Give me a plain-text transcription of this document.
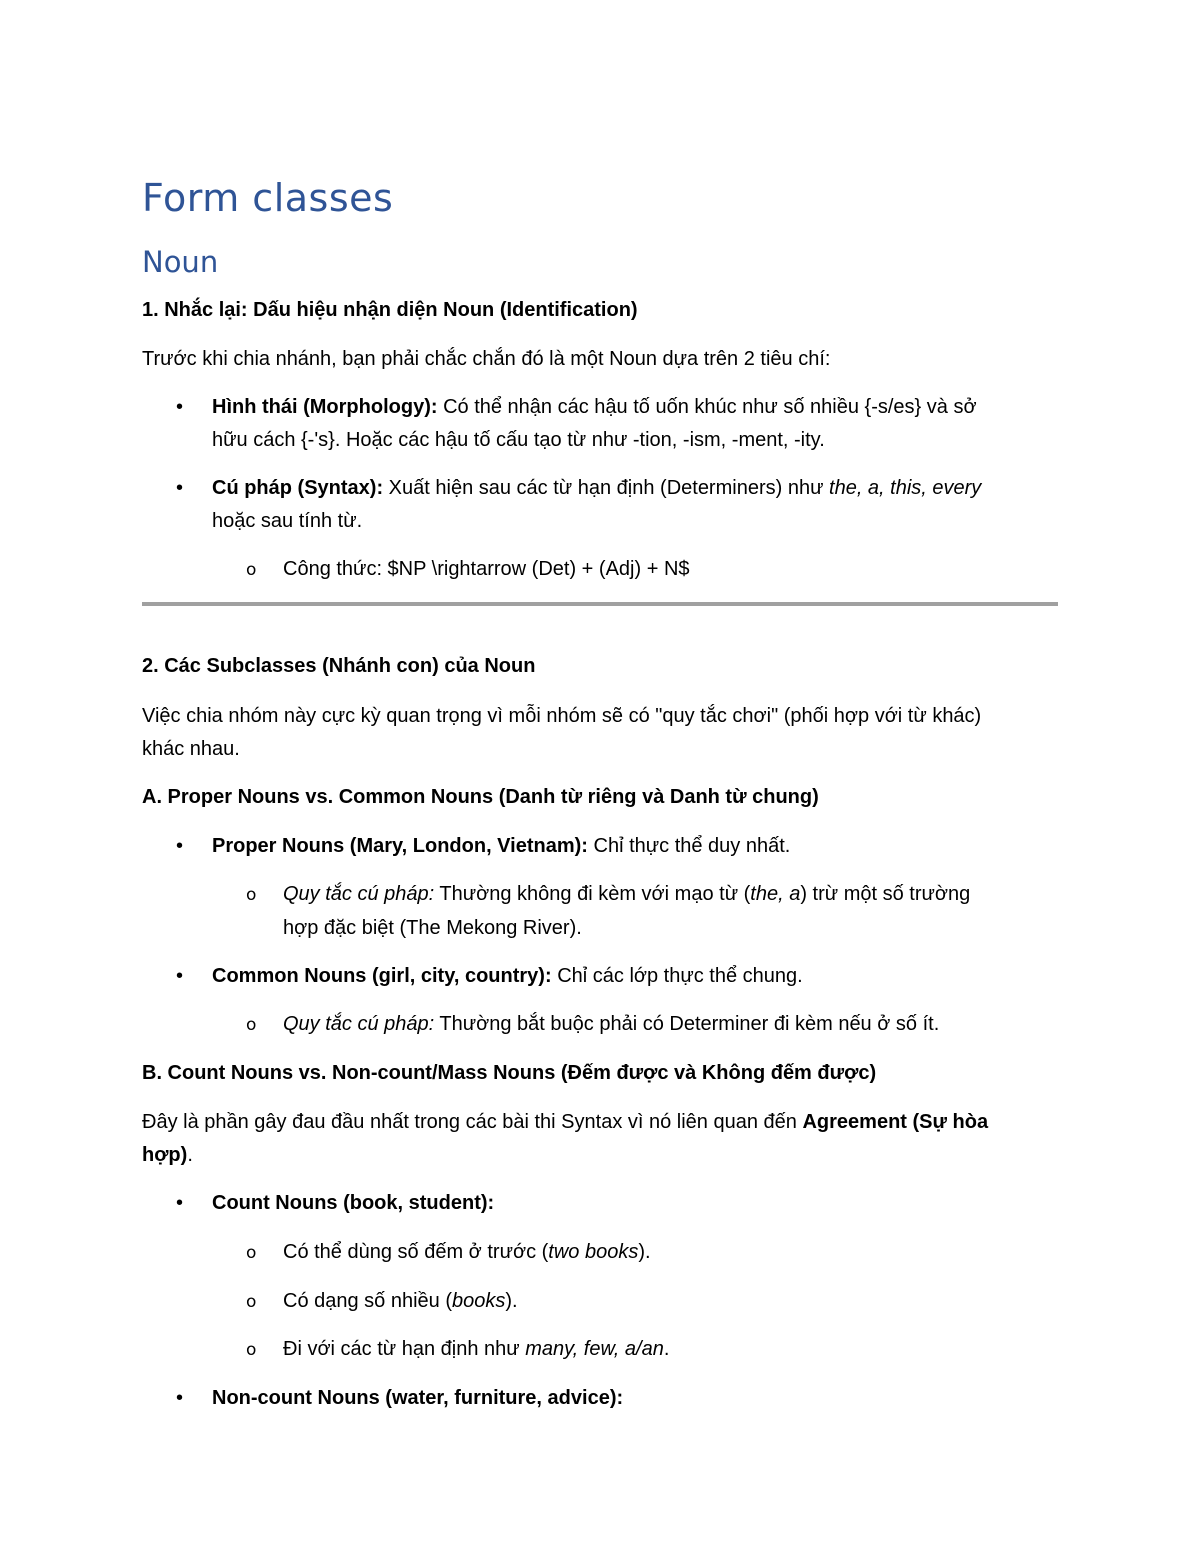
Form classes
Noun
1. Nhắc lại: Dấu hiệu nhận diện Noun (Identification)
Trước khi chia nhánh, bạn phải chắc chắn đó là một Noun dựa trên 2 tiêu chí:
• Hình thái (Morphology): Có thể nhận các hậu tố uốn khúc như số nhiều {-s/es} và sở
hữu cách {-'s}. Hoặc các hậu tố cấu tạo từ như -tion, -ism, -ment, -ity.
• Cú pháp (Syntax): Xuất hiện sau các từ hạn định (Determiners) như the, a, this, every
hoặc sau tính từ.
o Công thức: $NP \rightarrow (Det) + (Adj) + N$
2. Các Subclasses (Nhánh con) của Noun
Việc chia nhóm này cực kỳ quan trọng vì mỗi nhóm sẽ có "quy tắc chơi" (phối hợp với từ khác)
khác nhau.
A. Proper Nouns vs. Common Nouns (Danh từ riêng và Danh từ chung)
• Proper Nouns (Mary, London, Vietnam): Chỉ thực thể duy nhất.
o Quy tắc cú pháp: Thường không đi kèm với mạo từ (the, a) trừ một số trường
hợp đặc biệt (The Mekong River).
• Common Nouns (girl, city, country): Chỉ các lớp thực thể chung.
o Quy tắc cú pháp: Thường bắt buộc phải có Determiner đi kèm nếu ở số ít.
B. Count Nouns vs. Non-count/Mass Nouns (Đếm được và Không đếm được)
Đây là phần gây đau đầu nhất trong các bài thi Syntax vì nó liên quan đến Agreement (Sự hòa
hợp).
• Count Nouns (book, student):
o Có thể dùng số đếm ở trước (two books).
o Có dạng số nhiều (books).
o Đi với các từ hạn định như many, few, a/an.
• Non-count Nouns (water, furniture, advice):
